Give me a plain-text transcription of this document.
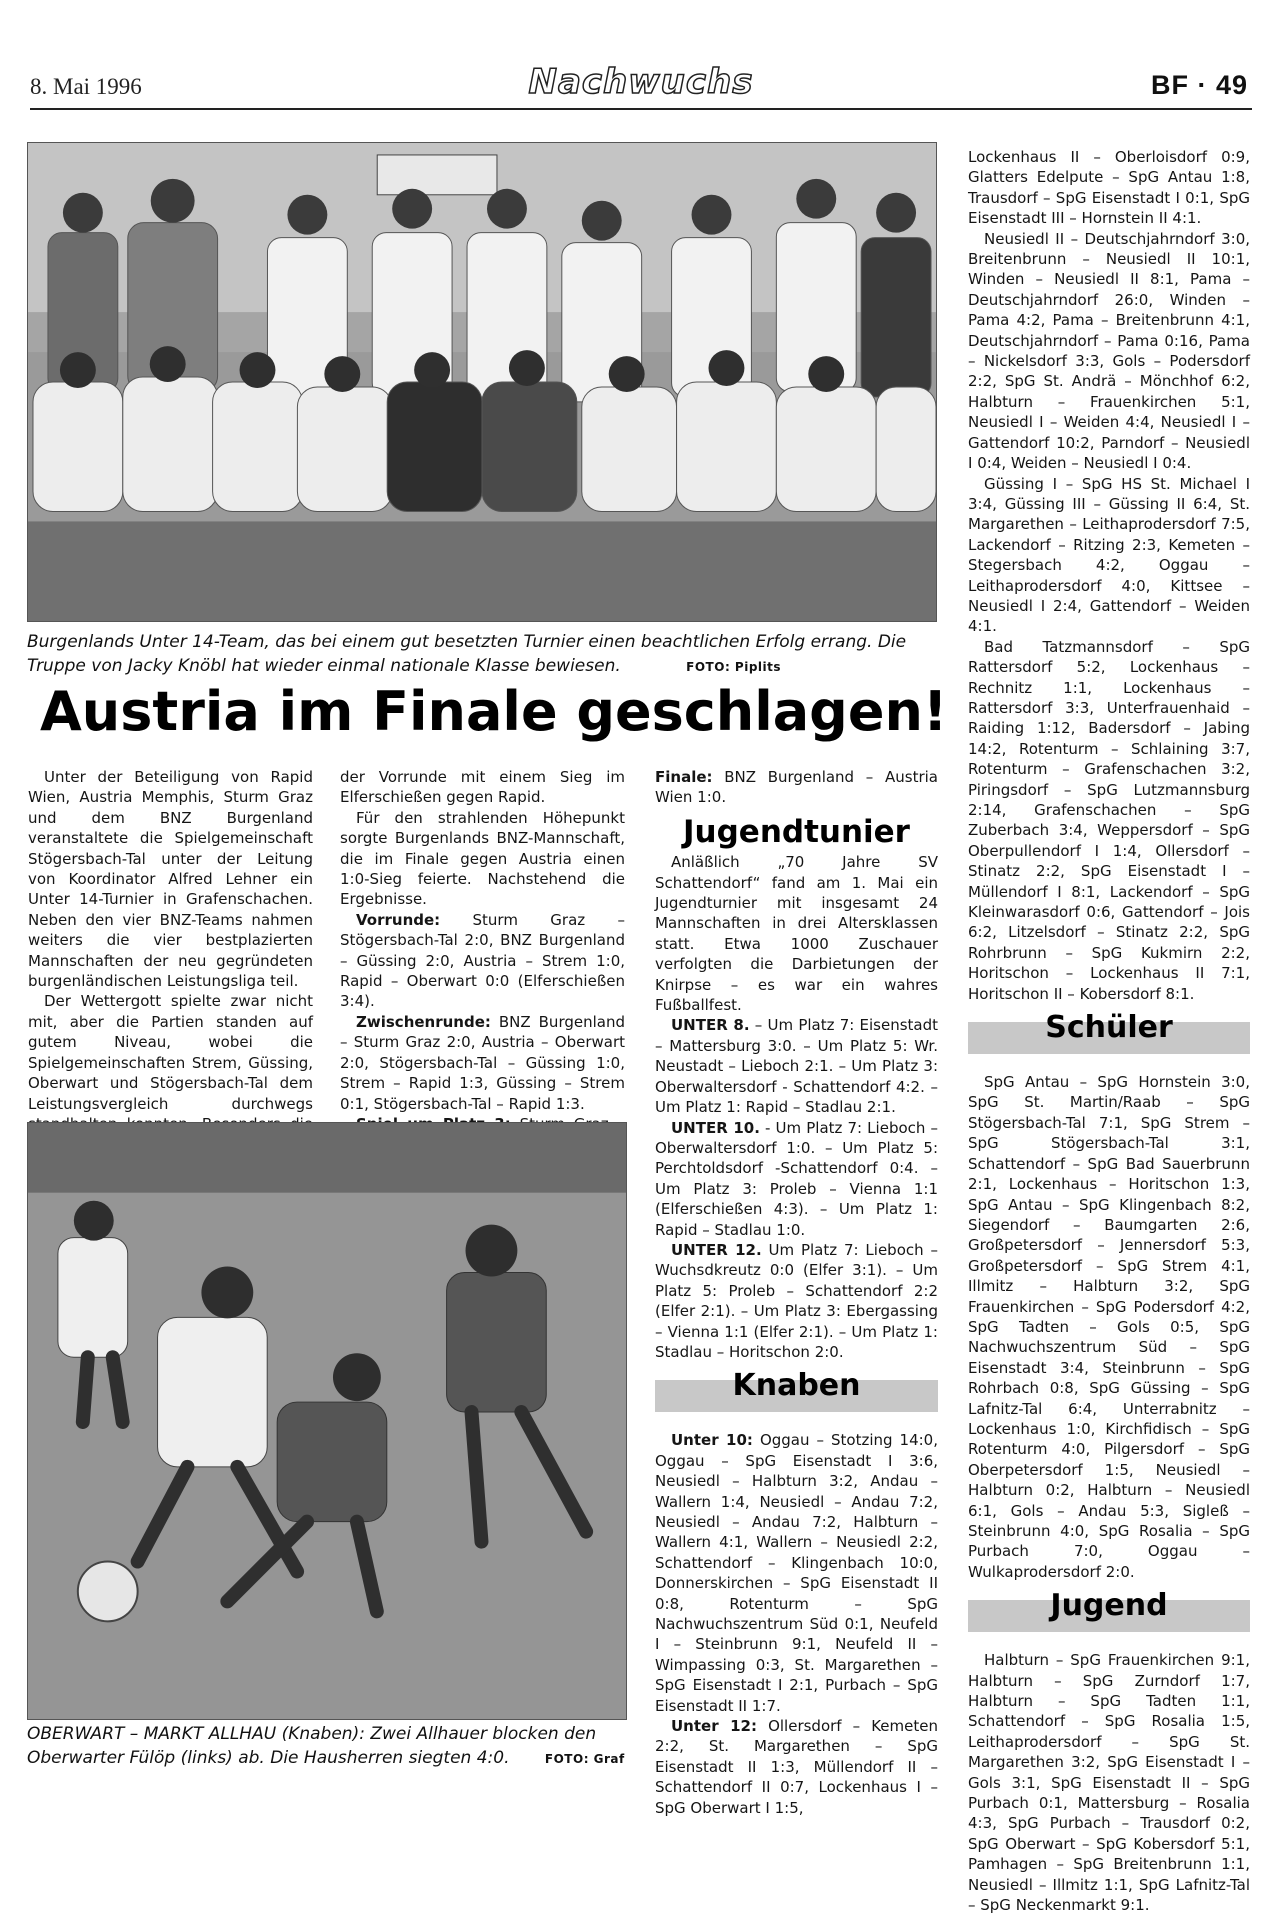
8. Mai 1996	Nachwuchs	BF · 49
Burgenlands Unter 14-Team, das bei einem gut besetzten Turnier einen beachtlichen Erfolg errang. Die Truppe von Jacky Knöbl hat wieder einmal nationale Klasse bewiesen.	FOTO: Piplits
Austria im Finale geschlagen!

Unter der Beteiligung von Rapid Wien, Austria Memphis, Sturm Graz und dem BNZ Burgenland veranstaltete die Spielgemeinschaft Stögersbach-Tal unter der Leitung von Koordinator Alfred Lehner ein Unter 14-Turnier in Grafenschachen. Neben den vier BNZ-Teams nahmen weiters die vier bestplazierten Mannschaften der neu gegründeten burgenländischen Leistungsliga teil.

Der Wettergott spielte zwar nicht mit, aber die Partien standen auf gutem Niveau, wobei die Spielgemeinschaften Strem, Güssing, Oberwart und Stögersbach-Tal dem Leistungsvergleich durchwegs

der Vorrunde mit einem Sieg im Elferschießen gegen Rapid.

Für den strahlenden Höhepunkt sorgte Burgenlands BNZ-Mannschaft, die im Finale gegen Austria einen 1:0-Sieg feierte. Nachstehend die Ergebnisse.

Vorrunde: Sturm Graz – Stögersbach-Tal 2:0, BNZ Burgenland – Güssing 2:0, Austria – Strem 1:0, Rapid – Oberwart 0:0 (Elferschießen 3:4).

Zwischenrunde: BNZ Burgenland – Sturm Graz 2:0, Austria – Oberwart 2:0, Stögersbach-Tal – Güssing 1:0, Strem – Rapid 1:3, Güssing – Strem 0:1, Stögersbach-Tal – Rapid 1:3.

OBERWART – MARKT ALLHAU (Knaben): Zwei Allhauer blocken den Oberwarter Fülöp (links) ab. Die Hausherren siegten 4:0.	FOTO: Graf

Finale: BNZ Burgenland – Austria Wien 1:0.

Jugendtunier

Anläßlich „70 Jahre SV Schattendorf“ fand am 1. Mai ein Jugendturnier mit insgesamt 24 Mannschaften in drei Altersklassen statt. Etwa 1000 Zuschauer verfolgten die Darbietungen der Knirpse – es war ein wahres Fußballfest.

UNTER 8. – Um Platz 7: Eisenstadt – Mattersburg 3:0. – Um Platz 5: Wr. Neustadt – Lieboch 2:1. – Um Platz 3: Oberwaltersdorf - Schattendorf 4:2. – Um Platz 1: Rapid – Stadlau 2:1.

UNTER 10. - Um Platz 7: Lieboch – Oberwaltersdorf 1:0. – Um Platz 5: Perchtoldsdorf -Schattendorf 0:4. – Um Platz 3: Proleb – Vienna 1:1 (Elferschießen 4:3). – Um Platz 1: Rapid – Stadlau 1:0.

UNTER 12. Um Platz 7: Lieboch – Wuchsdkreutz 0:0 (Elfer 3:1). – Um Platz 5: Proleb – Schattendorf 2:2 (Elfer 2:1). – Um Platz 3: Ebergassing – Vienna 1:1 (Elfer 2:1). – Um Platz 1: Stadlau – Horitschon 2:0.

Knaben

Unter 10: Oggau – Stotzing 14:0, Oggau – SpG Eisenstadt I 3:6, Neusiedl – Halbturn 3:2, Andau – Wallern 1:4, Neusiedl – Andau 7:2, Neusiedl – Andau 7:2, Halbturn – Wallern 4:1, Wallern – Neusiedl 2:2, Schattendorf – Klingenbach 10:0, Donnerskirchen – SpG Eisenstadt II 0:8, Rotenturm – SpG Nachwuchszentrum Süd 0:1, Neufeld I – Steinbrunn 9:1, Neufeld II – Wimpassing 0:3, St. Margarethen – SpG Eisenstadt I 2:1, Purbach – SpG Eisenstadt II 1:7.

Unter 12: Ollersdorf – Kemeten 2:2, St. Margarethen – SpG Eisenstadt II 1:3, Müllendorf II – Schattendorf II 0:7, Lockenhaus I – SpG Oberwart I 1:5,

Lockenhaus II – Oberloisdorf 0:9, Glatters Edelpute – SpG Antau 1:8, Trausdorf – SpG Eisenstadt I 0:1, SpG Eisenstadt III – Hornstein II 4:1.

Neusiedl II – Deutschjahrndorf 3:0, Breitenbrunn – Neusiedl II 10:1, Winden – Neusiedl II 8:1, Pama – Deutschjahrndorf 26:0, Winden – Pama 4:2, Pama – Breitenbrunn 4:1, Deutschjahrndorf – Pama 0:16, Pama – Nickelsdorf 3:3, Gols – Podersdorf 2:2, SpG St. Andrä – Mönchhof 6:2, Halbturn – Frauenkirchen 5:1, Neusiedl I – Weiden 4:4, Neusiedl I – Gattendorf 10:2, Parndorf – Neusiedl I 0:4, Weiden – Neusiedl I 0:4.

Güssing I – SpG HS St. Michael I 3:4, Güssing III – Güssing II 6:4, St. Margarethen – Leithaprodersdorf 7:5, Lackendorf – Ritzing 2:3, Kemeten – Stegersbach 4:2, Oggau – Leithaprodersdorf 4:0, Kittsee – Neusiedl I 2:4, Gattendorf – Weiden 4:1.

Bad Tatzmannsdorf – SpG Rattersdorf 5:2, Lockenhaus – Rechnitz 1:1, Lockenhaus – Rattersdorf 3:3, Unterfrauenhaid – Raiding 1:12, Badersdorf – Jabing 14:2, Rotenturm – Schlaining 3:7, Rotenturm – Grafenschachen 3:2, Piringsdorf – SpG Lutzmannsburg 2:14, Grafenschachen – SpG Zuberbach 3:4, Weppersdorf – SpG Oberpullendorf I 1:4, Ollersdorf – Stinatz 2:2, SpG Eisenstadt I – Müllendorf I 8:1, Lackendorf – SpG Kleinwarasdorf 0:6, Gattendorf – Jois 6:2, Litzelsdorf – Stinatz 2:2, SpG Rohrbrunn – SpG Kukmirn 2:2, Horitschon – Lockenhaus II 7:1, Horitschon II – Kobersdorf 8:1.

Schüler

SpG Antau – SpG Hornstein 3:0, SpG St. Martin/Raab – SpG Stögersbach-Tal 7:1, SpG Strem – SpG Stögersbach-Tal 3:1, Schattendorf – SpG Bad Sauerbrunn 2:1, Lockenhaus – Horitschon 1:3, SpG Antau – SpG Klingenbach 8:2, Siegendorf – Baumgarten 2:6, Großpetersdorf – Jennersdorf 5:3, Großpetersdorf – SpG Strem 4:1, Illmitz – Halbturn 3:2, SpG Frauenkirchen – SpG Podersdorf 4:2, SpG Tadten – Gols 0:5, SpG Nachwuchszentrum Süd – SpG Eisenstadt 3:4, Steinbrunn – SpG Rohrbach 0:8, SpG Güssing – SpG Lafnitz-Tal 6:4, Unterrabnitz – Lockenhaus 1:0, Kirchfidisch – SpG Rotenturm 4:0, Pilgersdorf – SpG Oberpetersdorf 1:5, Neusiedl – Halbturn 0:2, Halbturn – Neusiedl 6:1, Gols – Andau 5:3, Sigleß – Steinbrunn 4:0, SpG Rosalia – SpG Purbach 7:0, Oggau – Wulkaprodersdorf 2:0.

Jugend

Halbturn – SpG Frauenkirchen 9:1, Halbturn – SpG Zurndorf 1:7, Halbturn – SpG Tadten 1:1, Schattendorf – SpG Rosalia 1:5, Leithaprodersdorf – SpG St. Margarethen 3:2, SpG Eisenstadt I – Gols 3:1, SpG Eisenstadt II – SpG Purbach 0:1, Mattersburg – Rosalia 4:3, SpG Purbach – Trausdorf 0:2, SpG Oberwart – SpG Kobersdorf 5:1, Pamhagen – SpG Breitenbrunn 1:1, Neusiedl – Illmitz 1:1, SpG Lafnitz-Tal – SpG Neckenmarkt 9:1.
